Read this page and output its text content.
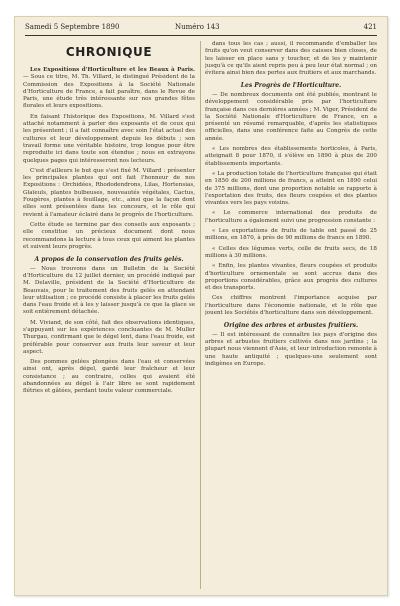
Samedi 5 Septembre 1890	Numéro 143	421
CHRONIQUE

Les Expositions d'Horticulture et les Beaux à Paris. — Sous ce titre, M. Th. Villard, le distingué Président de la Commission des Expositions à la Société Nationale d'Horticulture de France, a fait paraître, dans le Revue de Paris, une étude très intéressante sur nos grandes fêtes florales et leurs expositions.

En faisant l'historique des Expositions, M. Villard s'est attaché notamment à parler des exposants et de ceux qui les présentent ; il a fait connaître avec soin l'état actuel des cultures et leur développement depuis les débuts ; son travail forme une véritable histoire, trop longue pour être reproduite ici dans toute son étendue ; nous en extrayons quelques pages qui intéresseront nos lecteurs.

C'est d'ailleurs le but que s'est fixé M. Villard : présenter les principales plantes qui ont fait l'honneur de nos Expositions : Orchidées, Rhododendrons, Lilas, Hortensias, Glaïeuls, plantes bulbeuses, nouveautés végétales, Cactus, Fougères, plantes à feuillage, etc., ainsi que la façon dont elles sont présentées dans les concours, et le rôle qui revient à l'amateur éclairé dans le progrès de l'horticulture.

Cette étude se termine par des conseils aux exposants ; elle constitue un précieux document dont nous recommandons la lecture à tous ceux qui aiment les plantes et suivent leurs progrès.

A propos de la conservation des fruits gelés.

— Nous trouvons dans un Bulletin de la Société d'Horticulture du 12 juillet dernier, un procédé indiqué par M. Delaville, président de la Société d'Horticulture de Beauvais, pour le traitement des fruits gelés en attendant leur utilisation ; ce procédé consiste à placer les fruits gelés dans l'eau froide et à les y laisser jusqu'à ce que la glace se soit entièrement détachée.

M. Viviand, de son côté, fait des observations identiques, s'appuyant sur les expériences concluantes de M. Muller Thurgau, confirmant que le dégel lent, dans l'eau froide, est préférable pour conserver aux fruits leur saveur et leur aspect.

Des pommes gelées plongées dans l'eau et conservées ainsi ont, après dégel, gardé leur fraîcheur et leur consistance ; au contraire, celles qui avaient été abandonnées au dégel à l'air libre se sont rapidement flétries et gâtées, perdant toute valeur commerciale.

dans tous les cas ; aussi, il recommande d'emballer les fruits qu'on veut conserver dans des caisses bien closes, de les laisser en place sans y toucher, et de les y maintenir jusqu'à ce qu'ils aient repris peu à peu leur état normal ; on évitera ainsi bien des pertes aux fruitiers et aux marchands.

Les Progrès de l'Horticulture.

— De nombreux documents ont été publiés, montrant le développement considérable pris par l'horticulture française dans ces dernières années ; M. Viger, Président de la Société Nationale d'Horticulture de France, en a présenté un résumé remarquable, d'après les statistiques officielles, dans une conférence faite au Congrès de cette année.

« Les nombres des établissements horticoles, à Paris, atteignait 8 pour 1870, il s'élève en 1890 à plus de 200 établissements importants.

« La production totale de l'horticulture française qui était en 1850 de 200 millions de francs, a atteint en 1890 celui de 375 millions, dont une proportion notable se rapporte à l'exportation des fruits, des fleurs coupées et des plantes vivantes vers les pays voisins.

« Le commerce international des produits de l'horticulture a également suivi une progression constante :

« Les exportations de fruits de table ont passé de 25 millions, en 1870, à près de 90 millions de francs en 1890.

« Celles des légumes verts, celle de fruits secs, de 18 millions à 30 millions.

« Enfin, les plantes vivantes, fleurs coupées et produits d'horticulture ornementale se sont accrus dans des proportions considérables, grâce aux progrès des cultures et des transports.

Ces chiffres montrent l'importance acquise par l'horticulture dans l'économie nationale, et le rôle que jouent les Sociétés d'horticulture dans son développement.

Origine des arbres et arbustes fruitiers.

— Il est intéressant de connaître les pays d'origine des arbres et arbustes fruitiers cultivés dans nos jardins ; la plupart nous viennent d'Asie, et leur introduction remonte à une haute antiquité ; quelques-uns seulement sont indigènes en Europe.
